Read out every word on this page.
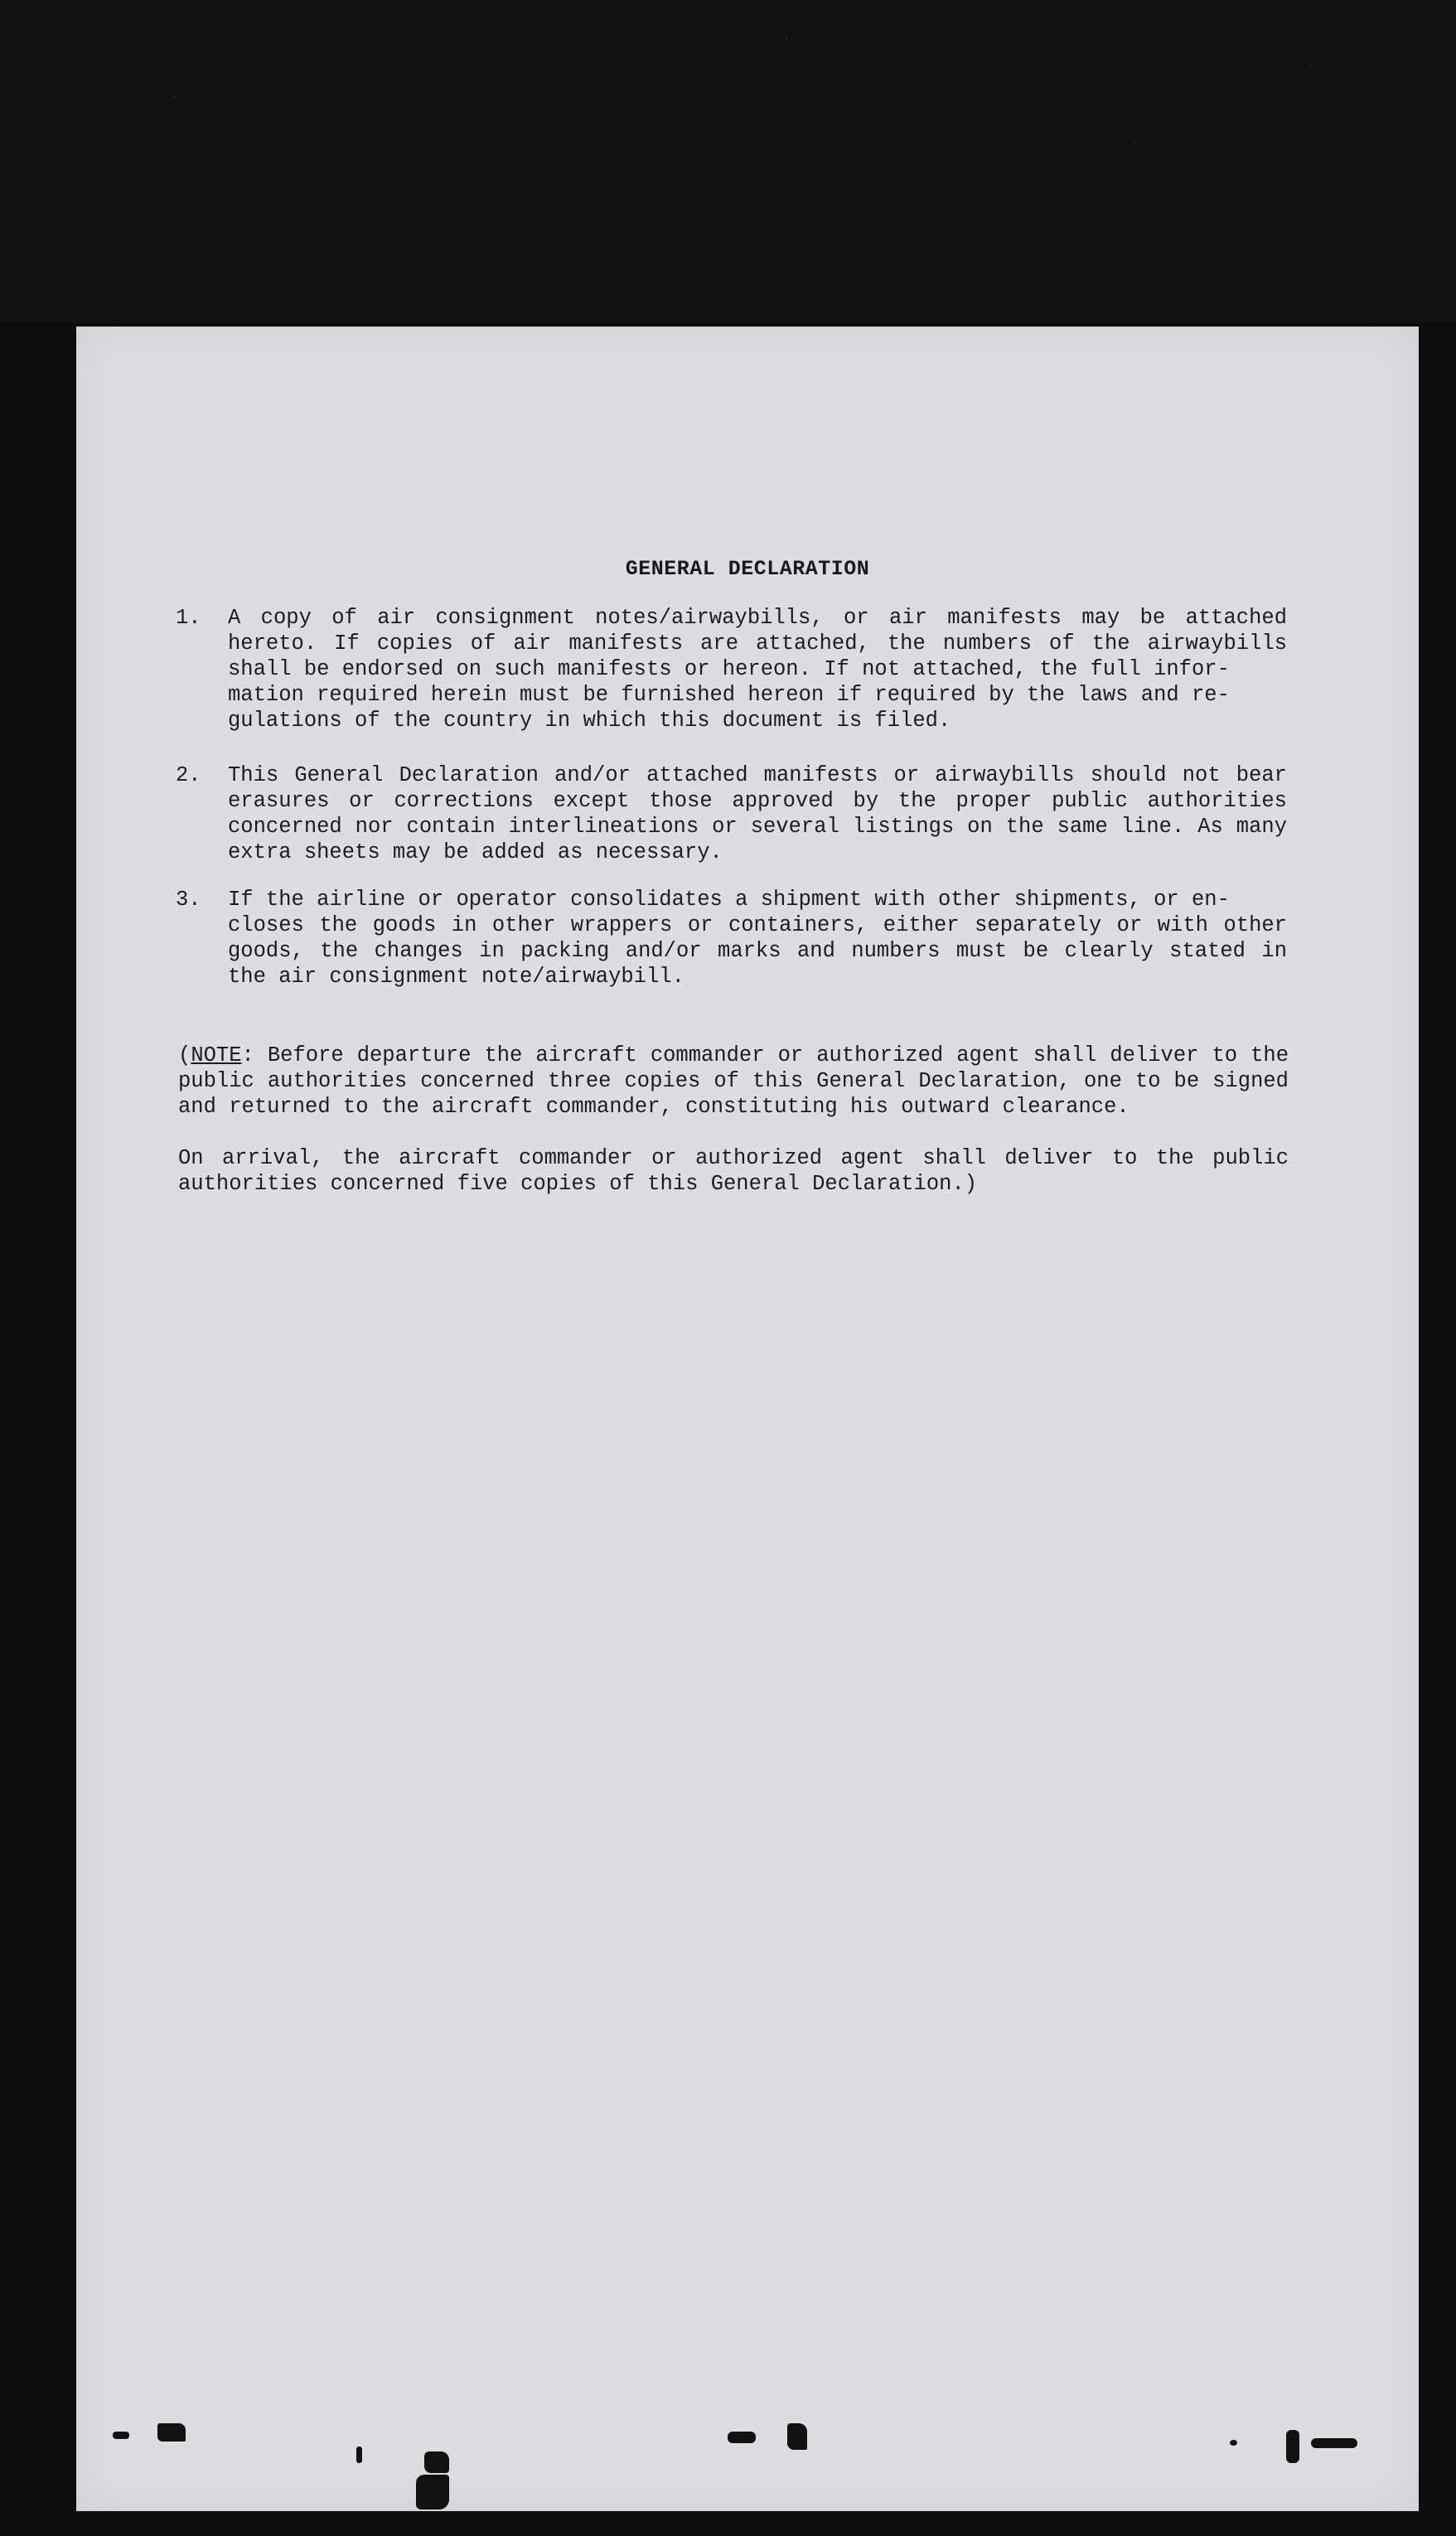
GENERAL DECLARATION
1.	A copy of air consignment notes/airwaybills, or air manifests may be attached hereto. If copies of air manifests are attached, the numbers of the airwaybills shall be endorsed on such manifests or hereon. If not attached, the full infor-
mation required herein must be furnished hereon if required by the laws and re-
gulations of the country in which this document is filed.
2.	This General Declaration and/or attached manifests or airwaybills should not bear erasures or corrections except those approved by the proper public authorities concerned nor contain interlineations or several listings on the same line. As many extra sheets may be added as necessary.
3.	If the airline or operator consolidates a shipment with other shipments, or en-
closes the goods in other wrappers or containers, either separately or with other goods, the changes in packing and/or marks and numbers must be clearly stated in the air consignment note/airwaybill.
(NOTE: Before departure the aircraft commander or authorized agent shall deliver to the public authorities concerned three copies of this General Declaration, one to be signed and returned to the aircraft commander, constituting his outward clearance.
On arrival, the aircraft commander or authorized agent shall deliver to the public authorities concerned five copies of this General Declaration.)
